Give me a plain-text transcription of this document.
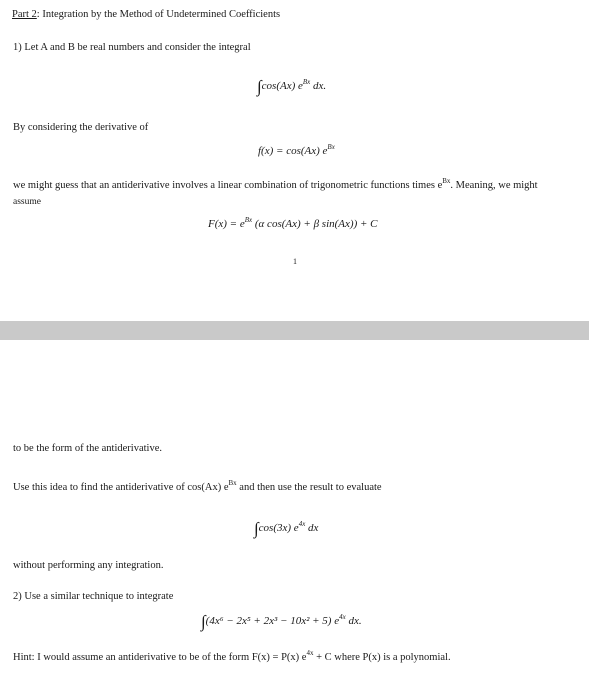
Part 2: Integration by the Method of Undetermined Coefficients
1) Let A and B be real numbers and consider the integral
∫cos(Ax) $e^{Bx}$ dx.
By considering the derivative of
f(x) = cos(Ax) $e^{Bx}$
we might guess that an antiderivative involves a linear combination of trigonometric functions times $e^{Bx}$. Meaning, we might
assume
$F(x) = e^{Bx}$ (α cos(Ax) + β sin(Ax)) + C
1
to be the form of the antiderivative.
Use this idea to find the antiderivative of cos(Ax) $e^{Bx}$ and then use the result to evaluate
∫cos(3x) $e^{4x}$ dx
without performing any integration.
2) Use a similar technique to integrate
∫(4x⁶ − 2x⁵ + 2x³ − 10x² + 5) $e^{4x}$ dx.
Hint: I would assume an antiderivative to be of the form F(x) = P(x) $e^{4x} + C$ where P(x) is a polynomial.
